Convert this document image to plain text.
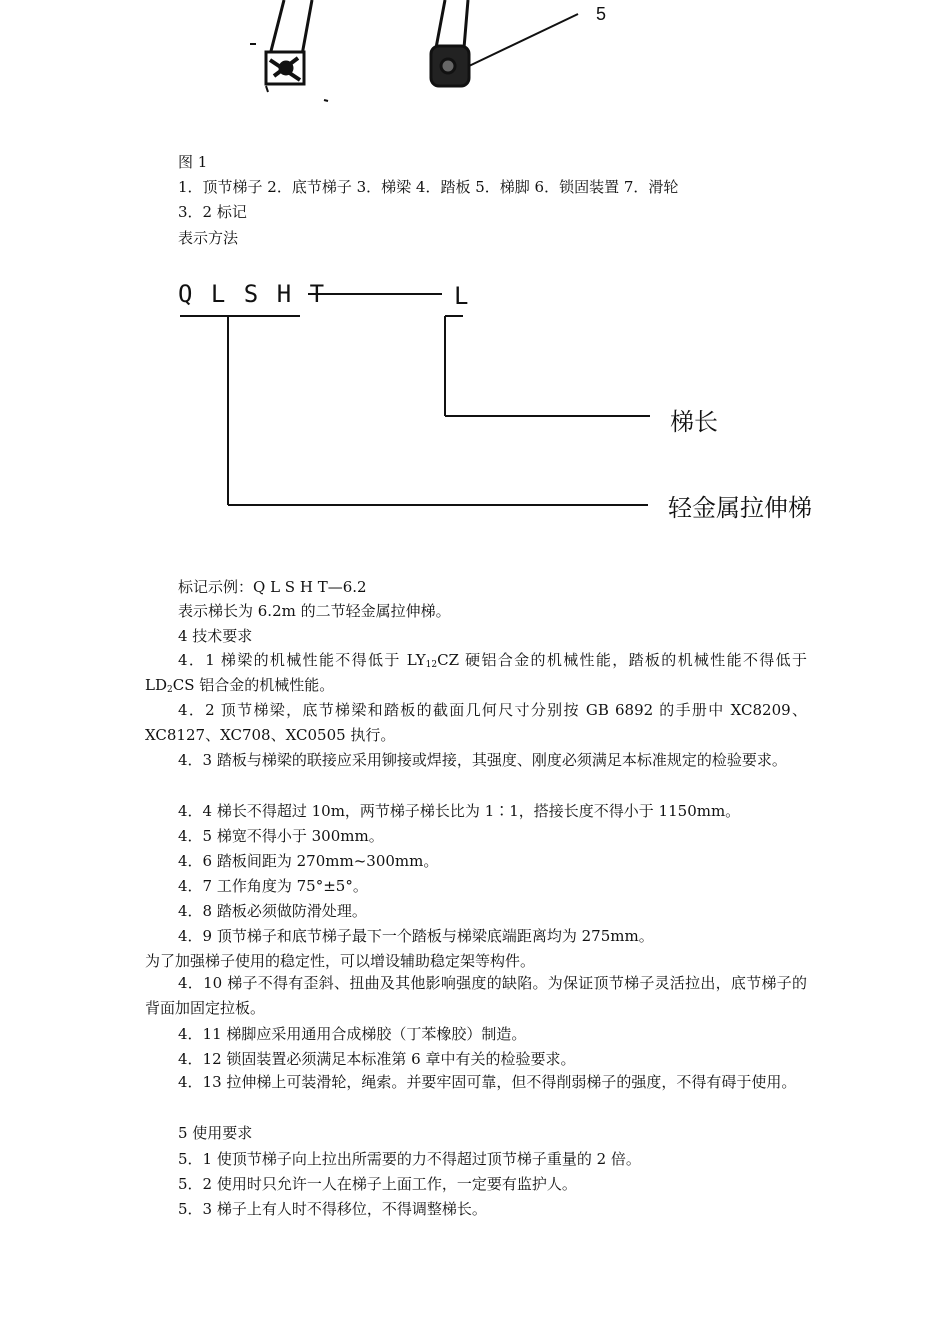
5
图 1
1．顶节梯子 2．底节梯子 3．梯梁 4．踏板 5．梯脚 6．锁固装置 7．滑轮
3．2 标记
表示方法
Q L S H T	L
梯长
轻金属拉伸梯
标记示例：Q L S H T—6.2
表示梯长为 6.2m 的二节轻金属拉伸梯。
4 技术要求
4．1 梯梁的机械性能不得低于 $LY_{12}CZ$ 硬铝合金的机械性能，踏板的机械性能不得低于 $LD_2CS$ 铝合金的机械性能。
4．2 顶节梯梁，底节梯梁和踏板的截面几何尺寸分别按 GB 6892 的手册中 XC8209、XC8127、XC708、XC0505 执行。
4．3 踏板与梯梁的联接应采用铆接或焊接，其强度、刚度必须满足本标准规定的检验要求。
4．4 梯长不得超过 10m，两节梯子梯长比为 1∶1，搭接长度不得小于 1150mm。
4．5 梯宽不得小于 300mm。
4．6 踏板间距为 270mm~300mm。
4．7 工作角度为 75°±5°。
4．8 踏板必须做防滑处理。
4．9 顶节梯子和底节梯子最下一个踏板与梯梁底端距离均为 275mm。
为了加强梯子使用的稳定性，可以增设辅助稳定架等构件。
4．10 梯子不得有歪斜、扭曲及其他影响强度的缺陷。为保证顶节梯子灵活拉出，底节梯子的背面加固定拉板。
4．11 梯脚应采用通用合成梯胶（丁苯橡胶）制造。
4．12 锁固装置必须满足本标准第 6 章中有关的检验要求。
4．13 拉伸梯上可装滑轮，绳索。并要牢固可靠，但不得削弱梯子的强度，不得有碍于使用。
5 使用要求
5．1 使顶节梯子向上拉出所需要的力不得超过顶节梯子重量的 2 倍。
5．2 使用时只允许一人在梯子上面工作，一定要有监护人。
5．3 梯子上有人时不得移位，不得调整梯长。
